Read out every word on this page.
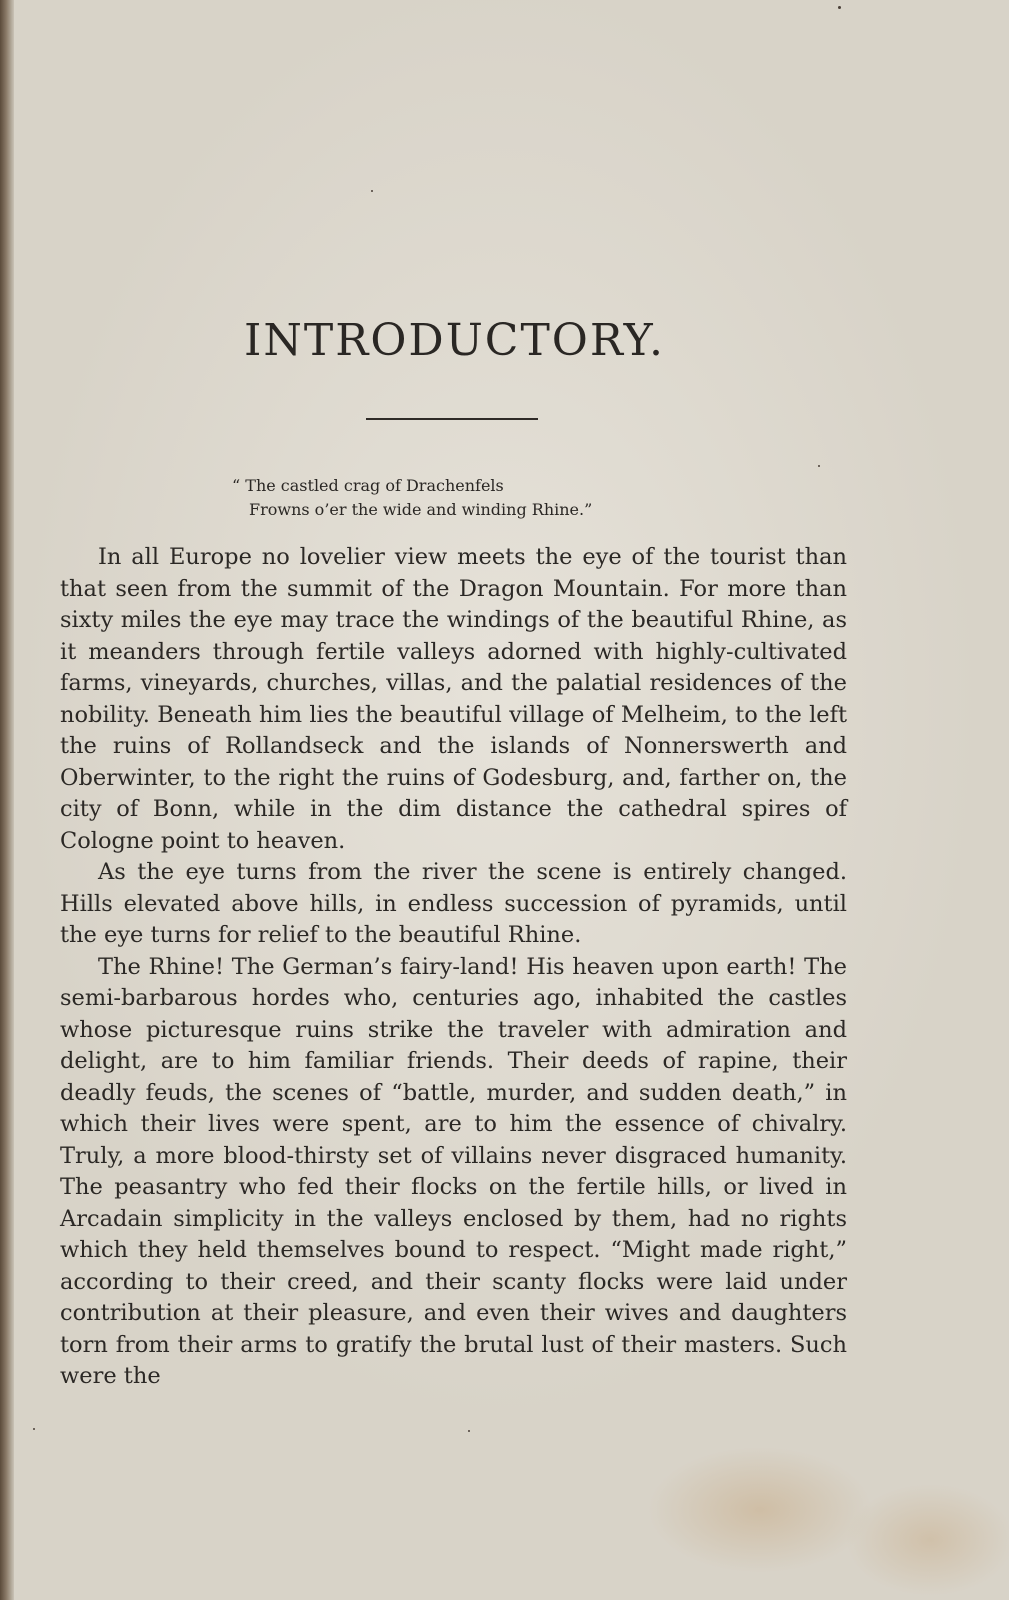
INTRODUCTORY.
“ The castled crag of Drachenfels
Frowns o’er the wide and winding Rhine.”

In all Europe no lovelier view meets the eye of the tourist than that seen from the summit of the Dragon Mountain. For more than sixty miles the eye may trace the windings of the beautiful Rhine, as it meanders through fertile valleys adorned with highly-cultivated farms, vineyards, churches, villas, and the palatial residences of the nobility. Beneath him lies the beautiful village of Melheim, to the left the ruins of Rollandseck and the islands of Nonnerswerth and Oberwinter, to the right the ruins of Godesburg, and, farther on, the city of Bonn, while in the dim distance the cathedral spires of Cologne point to heaven.

As the eye turns from the river the scene is entirely changed. Hills elevated above hills, in endless succession of pyramids, until the eye turns for relief to the beautiful Rhine.

The Rhine! The German’s fairy-land! His heaven upon earth! The semi-barbarous hordes who, centuries ago, inhabited the castles whose picturesque ruins strike the traveler with admiration and delight, are to him familiar friends. Their deeds of rapine, their deadly feuds, the scenes of “battle, murder, and sudden death,” in which their lives were spent, are to him the essence of chivalry. Truly, a more blood-thirsty set of villains never disgraced humanity. The peasantry who fed their flocks on the fertile hills, or lived in Arcadain simplicity in the valleys enclosed by them, had no rights which they held themselves bound to respect. “Might made right,” according to their creed, and their scanty flocks were laid under contribution at their pleasure, and even their wives and daughters torn from their arms to gratify the brutal lust of their masters. Such were the
